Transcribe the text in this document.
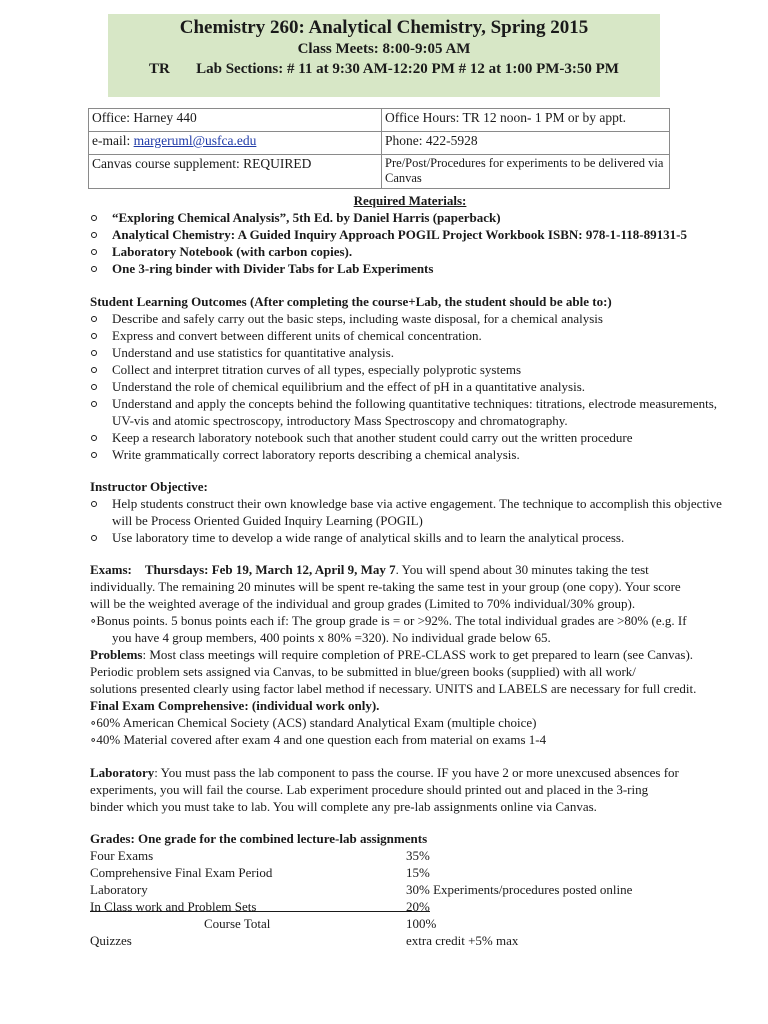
Chemistry 260: Analytical Chemistry, Spring 2015
Class Meets: 8:00-9:05 AM
TR       Lab Sections: # 11 at 9:30 AM-12:20 PM # 12 at 1:00 PM-3:50 PM
Office: Harney 440	Office Hours: TR 12 noon- 1 PM or by appt.
e-mail: margeruml@usfca.edu	Phone: 422-5928
Canvas course supplement: REQUIRED	Pre/Post/Procedures for experiments to be delivered via Canvas
Required Materials:
“Exploring Chemical Analysis”, 5th Ed. by Daniel Harris (paperback)
Analytical Chemistry: A Guided Inquiry Approach POGIL Project Workbook ISBN: 978-1-118-89131-5
Laboratory Notebook (with carbon copies).
One 3-ring binder with Divider Tabs for Lab Experiments
Student Learning Outcomes (After completing the course+Lab, the student should be able to:)
Describe and safely carry out the basic steps, including waste disposal, for a chemical analysis
Express and convert between different units of chemical concentration.
Understand and use statistics for quantitative analysis.
Collect and interpret titration curves of all types, especially polyprotic systems
Understand the role of chemical equilibrium and the effect of pH in a quantitative analysis.
Understand and apply the concepts behind the following quantitative techniques: titrations, electrode measurements, UV-vis and atomic spectroscopy, introductory Mass Spectroscopy and chromatography.
Keep a research laboratory notebook such that another student could carry out the written procedure
Write grammatically correct laboratory reports describing a chemical analysis.
Instructor Objective:
Help students construct their own knowledge base via active engagement. The technique to accomplish this objective will be Process Oriented Guided Inquiry Learning (POGIL)
Use laboratory time to develop a wide range of analytical skills and to learn the analytical process.
Exams: Thursdays: Feb 19, March 12, April 9, May 7. You will spend about 30 minutes taking the test
individually. The remaining 20 minutes will be spent re-taking the same test in your group (one copy). Your score
will be the weighted average of the individual and group grades (Limited to 70% individual/30% group).
∘Bonus points. 5 bonus points each if: The group grade is = or >92%. The total individual grades are >80% (e.g. If
you have 4 group members, 400 points x 80% =320). No individual grade below 65.
Problems: Most class meetings will require completion of PRE-CLASS work to get prepared to learn (see Canvas).
Periodic problem sets assigned via Canvas, to be submitted in blue/green books (supplied) with all work/
solutions presented clearly using factor label method if necessary. UNITS and LABELS are necessary for full credit.
Final Exam Comprehensive: (individual work only).
∘60% American Chemical Society (ACS) standard Analytical Exam (multiple choice)
∘40% Material covered after exam 4 and one question each from material on exams 1-4
Laboratory: You must pass the lab component to pass the course. IF you have 2 or more unexcused absences for
experiments, you will fail the course. Lab experiment procedure should printed out and placed in the 3-ring
binder which you must take to lab. You will complete any pre-lab assignments online via Canvas.
Grades: One grade for the combined lecture-lab assignments
Four Exams	35%
Comprehensive Final Exam Period	15%
Laboratory	30% Experiments/procedures posted online
In Class work and Problem Sets	20%
Course Total	100%
Quizzes	extra credit +5% max
